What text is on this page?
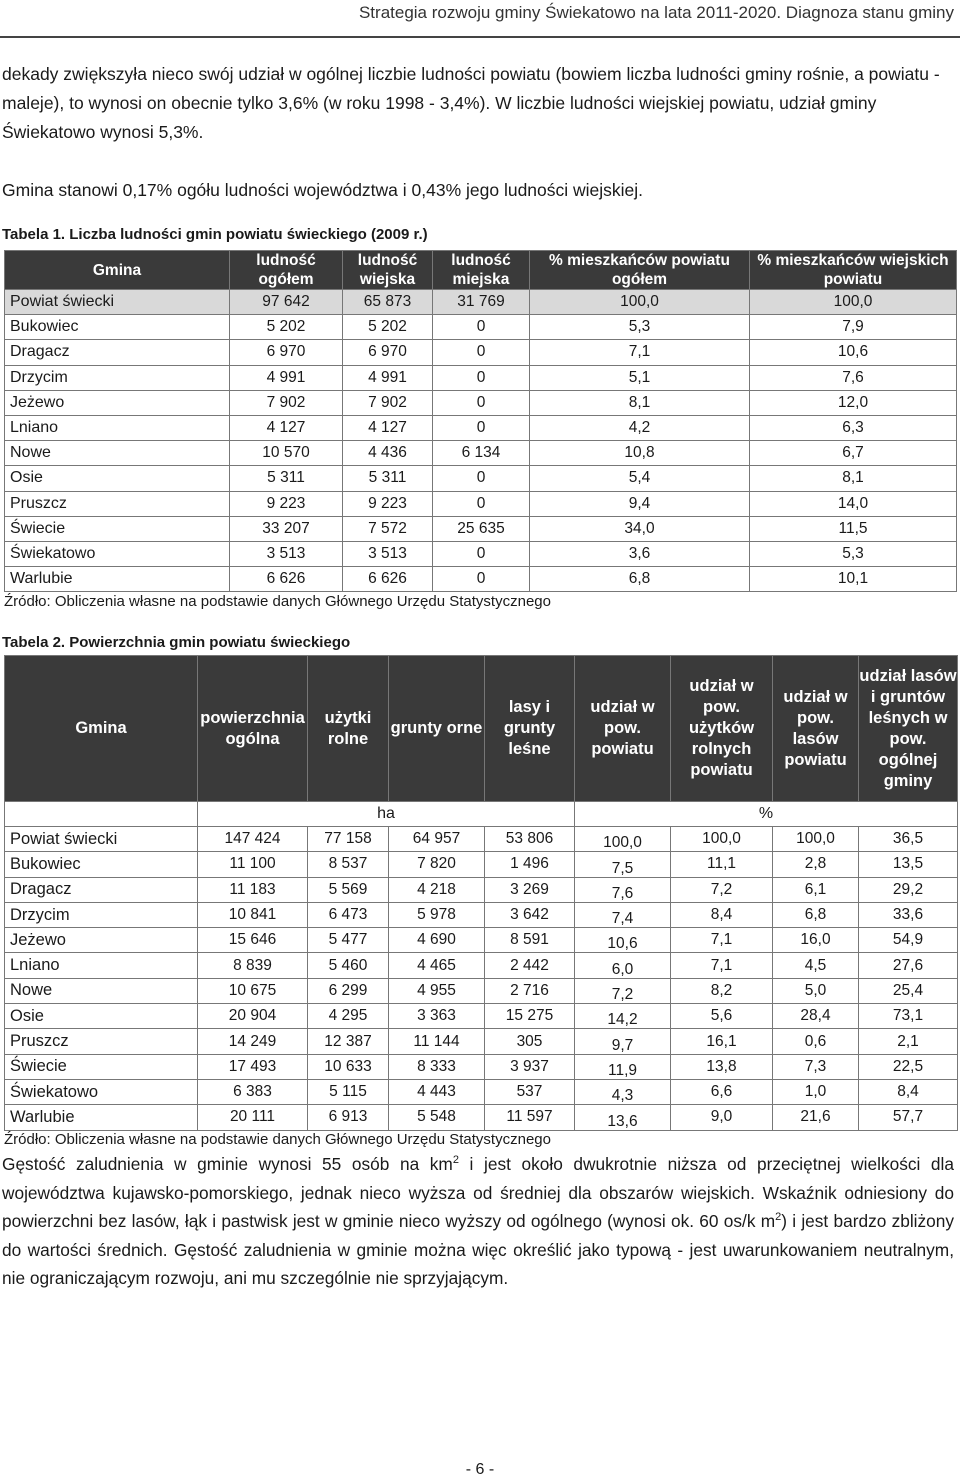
Strategia rozwoju gminy Świekatowo na lata 2011-2020. Diagnoza stanu gminy

dekady zwiększyła nieco swój udział w ogólnej liczbie ludności powiatu (bowiem liczba ludności gminy rośnie, a powiatu - maleje), to wynosi on obecnie tylko 3,6% (w roku 1998 - 3,4%). W liczbie ludności wiejskiej powiatu, udział gminy Świekatowo wynosi 5,3%.

Gmina stanowi 0,17% ogółu ludności województwa i 0,43% jego ludności wiejskiej.

Tabela 1. Liczba ludności gmin powiatu świeckiego (2009 r.)

Gmina	ludność ogółem	ludność wiejska	ludność miejska	% mieszkańców powiatu ogółem	% mieszkańców wiejskich powiatu
Powiat świecki	97 642	65 873	31 769	100,0	100,0
Bukowiec	5 202	5 202	0	5,3	7,9
Dragacz	6 970	6 970	0	7,1	10,6
Drzycim	4 991	4 991	0	5,1	7,6
Jeżewo	7 902	7 902	0	8,1	12,0
Lniano	4 127	4 127	0	4,2	6,3
Nowe	10 570	4 436	6 134	10,8	6,7
Osie	5 311	5 311	0	5,4	8,1
Pruszcz	9 223	9 223	0	9,4	14,0
Świecie	33 207	7 572	25 635	34,0	11,5
Świekatowo	3 513	3 513	0	3,6	5,3
Warlubie	6 626	6 626	0	6,8	10,1

Źródło: Obliczenia własne na podstawie danych Głównego Urzędu Statystycznego

Tabela 2. Powierzchnia gmin powiatu świeckiego

Gmina	powierzchnia ogólna	użytki rolne	grunty orne	lasy i grunty leśne	udział w pow. powiatu	udział w pow. użytków rolnych powiatu	udział w pow. lasów powiatu	udział lasów i gruntów leśnych w pow. ogólnej gminy
	ha				%			
Powiat świecki	147 424	77 158	64 957	53 806	100,0	100,0	100,0	36,5
Bukowiec	11 100	8 537	7 820	1 496	7,5	11,1	2,8	13,5
Dragacz	11 183	5 569	4 218	3 269	7,6	7,2	6,1	29,2
Drzycim	10 841	6 473	5 978	3 642	7,4	8,4	6,8	33,6
Jeżewo	15 646	5 477	4 690	8 591	10,6	7,1	16,0	54,9
Lniano	8 839	5 460	4 465	2 442	6,0	7,1	4,5	27,6
Nowe	10 675	6 299	4 955	2 716	7,2	8,2	5,0	25,4
Osie	20 904	4 295	3 363	15 275	14,2	5,6	28,4	73,1
Pruszcz	14 249	12 387	11 144	305	9,7	16,1	0,6	2,1
Świecie	17 493	10 633	8 333	3 937	11,9	13,8	7,3	22,5
Świekatowo	6 383	5 115	4 443	537	4,3	6,6	1,0	8,4
Warlubie	20 111	6 913	5 548	11 597	13,6	9,0	21,6	57,7

Źródło: Obliczenia własne na podstawie danych Głównego Urzędu Statystycznego

Gęstość zaludnienia w gminie wynosi 55 osób na $km^2$ i jest około dwukrotnie niższa od przeciętnej wielkości dla województwa kujawsko-pomorskiego, jednak nieco wyższa od średniej dla obszarów wiejskich. Wskaźnik odniesiony do powierzchni bez lasów, łąk i pastwisk jest w gminie nieco wyższy od ogólnego (wynosi ok. 60 os/k $m^2$) i jest bardzo zbliżony do wartości średnich. Gęstość zaludnienia w gminie można więc określić jako typową - jest uwarunkowaniem neutralnym, nie ograniczającym rozwoju, ani mu szczególnie nie sprzyjającym.

- 6 -
